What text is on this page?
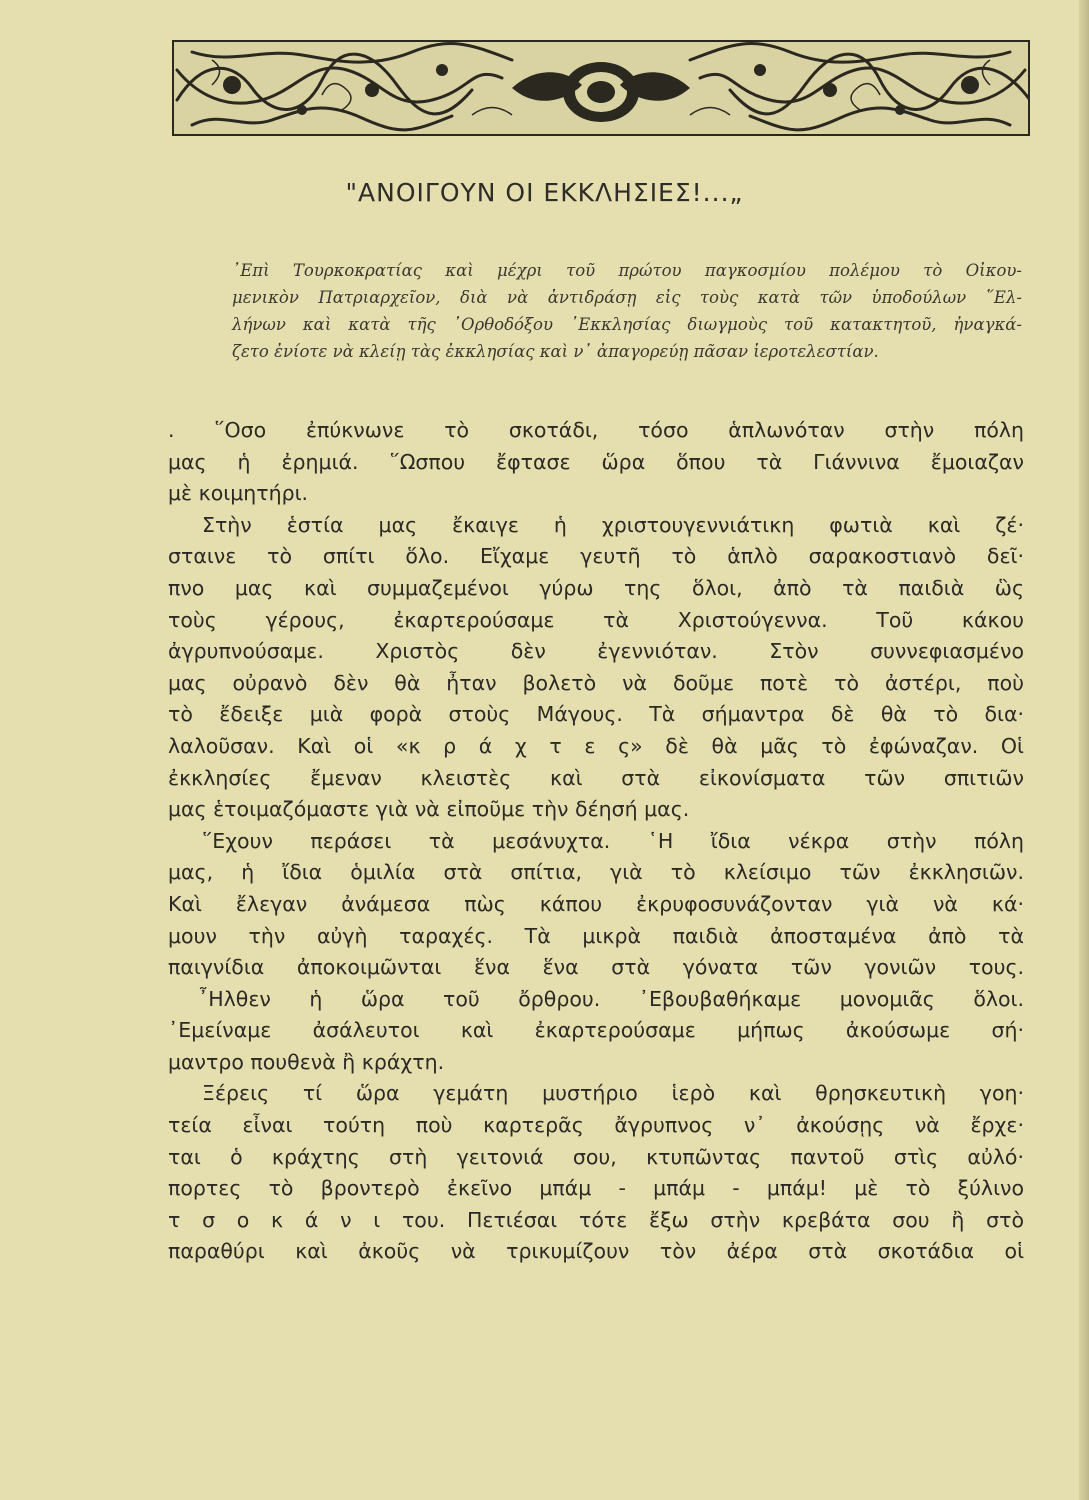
"ΑΝΟΙΓΟΥΝ ΟΙ ΕΚΚΛΗΣΙΕΣ!...„
᾿Επὶ Τουρκοκρατίας καὶ μέχρι τοῦ πρώτου παγκοσμίου πολέμου τὸ Οἰκου-
μενικὸν Πατριαρχεῖον, διὰ νὰ ἀντιδράσῃ εἰς τοὺς κατὰ τῶν ὑποδούλων ῞Ελ-
λήνων καὶ κατὰ τῆς ᾿Ορθοδόξου ᾿Εκκλησίας διωγμοὺς τοῦ κατακτητοῦ, ἠναγκά-
ζετο ἐνίοτε νὰ κλείῃ τὰς ἐκκλησίας καὶ ν᾿ ἀπαγορεύῃ πᾶσαν ἱεροτελεστίαν.
. ῞Οσο ἐπύκνωνε τὸ σκοτάδι, τόσο ἁπλωνόταν στὴν πόλη
μας ἡ ἐρημιά. ῞Ωσπου ἔφτασε ὥρα ὅπου τὰ Γιάννινα ἔμοιαζαν
μὲ κοιμητήρι.
Στὴν ἑστία μας ἔκαιγε ἡ χριστουγεννιάτικη φωτιὰ καὶ ζέ·
σταινε τὸ σπίτι ὅλο. Εἴχαμε γευτῆ τὸ ἁπλὸ σαρακοστιανὸ δεῖ·
πνο μας καὶ συμμαζεμένοι γύρω της ὅλοι, ἀπὸ τὰ παιδιὰ ὣς
τοὺς γέρους, ἐκαρτερούσαμε τὰ Χριστούγεννα. Τοῦ κάκου
ἀγρυπνούσαμε. Χριστὸς δὲν ἐγεννιόταν. Στὸν συννεφιασμένο
μας οὐρανὸ δὲν θὰ ἦταν βολετὸ νὰ δοῦμε ποτὲ τὸ ἀστέρι, ποὺ
τὸ ἔδειξε μιὰ φορὰ στοὺς Μάγους. Τὰ σήμαντρα δὲ θὰ τὸ δια·
λαλοῦσαν. Καὶ οἱ «κ ρ ά χ τ ε ς» δὲ θὰ μᾶς τὸ ἐφώναζαν. Οἱ
ἐκκλησίες ἔμεναν κλειστὲς καὶ στὰ εἰκονίσματα τῶν σπιτιῶν
μας ἑτοιμαζόμαστε γιὰ νὰ εἰποῦμε τὴν δέησή μας.
῞Εχουν περάσει τὰ μεσάνυχτα. ῾Η ἴδια νέκρα στὴν πόλη
μας, ἡ ἴδια ὁμιλία στὰ σπίτια, γιὰ τὸ κλείσιμο τῶν ἐκκλησιῶν.
Καὶ ἔλεγαν ἀνάμεσα πὼς κάπου ἐκρυφοσυνάζονταν γιὰ νὰ κά·
μουν τὴν αὐγὴ ταραχές. Τὰ μικρὰ παιδιὰ ἀποσταμένα ἀπὸ τὰ
παιγνίδια ἀποκοιμῶνται ἕνα ἕνα στὰ γόνατα τῶν γονιῶν τους.
῏Ηλθεν ἡ ὥρα τοῦ ὄρθρου. ᾿Εβουβαθήκαμε μονομιᾶς ὅλοι.
᾿Εμείναμε ἀσάλευτοι καὶ ἐκαρτερούσαμε μήπως ἀκούσωμε σή·
μαντρο πουθενὰ ἢ κράχτη.
Ξέρεις τί ὥρα γεμάτη μυστήριο ἱερὸ καὶ θρησκευτικὴ γοη·
τεία εἶναι τούτη ποὺ καρτερᾶς ἄγρυπνος ν᾿ ἀκούσῃς νὰ ἔρχε·
ται ὁ κράχτης στὴ γειτονιά σου, κτυπῶντας παντοῦ στὶς αὐλό·
πορτες τὸ βροντερὸ ἐκεῖνο μπάμ - μπάμ - μπάμ! μὲ τὸ ξύλινο
τ σ ο κ ά ν ι του. Πετιέσαι τότε ἔξω στὴν κρεβάτα σου ἢ στὸ
παραθύρι καὶ ἀκοῦς νὰ τρικυμίζουν τὸν ἀέρα στὰ σκοτάδια οἱ
